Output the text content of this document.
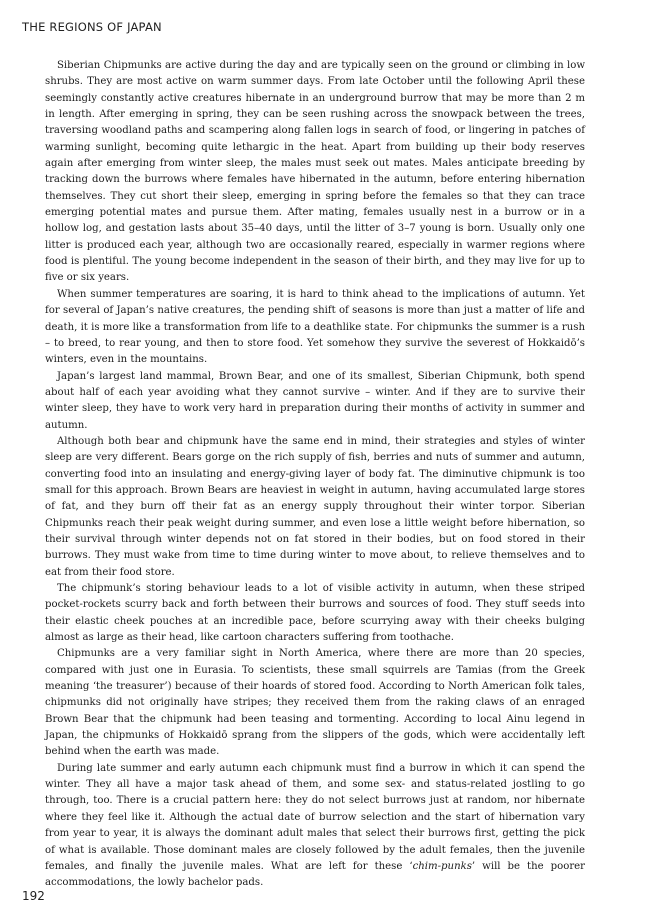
THE REGIONS OF JAPAN

Siberian Chipmunks are active during the day and are typically seen on the ground or climbing in low shrubs. They are most active on warm summer days. From late October until the following April these seemingly constantly active creatures hibernate in an underground burrow that may be more than 2 m in length. After emerging in spring, they can be seen rushing across the snowpack between the trees, traversing woodland paths and scampering along fallen logs in search of food, or lingering in patches of warming sunlight, becoming quite lethargic in the heat. Apart from building up their body reserves again after emerging from winter sleep, the males must seek out mates. Males anticipate breeding by tracking down the burrows where females have hibernated in the autumn, before entering hibernation themselves. They cut short their sleep, emerging in spring before the females so that they can trace emerging potential mates and pursue them. After mating, females usually nest in a burrow or in a hollow log, and gestation lasts about 35–40 days, until the litter of 3–7 young is born. Usually only one litter is produced each year, although two are occasionally reared, especially in warmer regions where food is plentiful. The young become independent in the season of their birth, and they may live for up to five or six years.

When summer temperatures are soaring, it is hard to think ahead to the implications of autumn. Yet for several of Japan’s native creatures, the pending shift of seasons is more than just a matter of life and death, it is more like a transformation from life to a deathlike state. For chipmunks the summer is a rush – to breed, to rear young, and then to store food. Yet somehow they survive the severest of Hokkaidō’s winters, even in the mountains.

Japan’s largest land mammal, Brown Bear, and one of its smallest, Siberian Chipmunk, both spend about half of each year avoiding what they cannot survive – winter. And if they are to survive their winter sleep, they have to work very hard in preparation during their months of activity in summer and autumn.

Although both bear and chipmunk have the same end in mind, their strategies and styles of winter sleep are very different. Bears gorge on the rich supply of fish, berries and nuts of summer and autumn, converting food into an insulating and energy-giving layer of body fat. The diminutive chipmunk is too small for this approach. Brown Bears are heaviest in weight in autumn, having accumulated large stores of fat, and they burn off their fat as an energy supply throughout their winter torpor. Siberian Chipmunks reach their peak weight during summer, and even lose a little weight before hibernation, so their survival through winter depends not on fat stored in their bodies, but on food stored in their burrows. They must wake from time to time during winter to move about, to relieve themselves and to eat from their food store.

The chipmunk’s storing behaviour leads to a lot of visible activity in autumn, when these striped pocket-rockets scurry back and forth between their burrows and sources of food. They stuff seeds into their elastic cheek pouches at an incredible pace, before scurrying away with their cheeks bulging almost as large as their head, like cartoon characters suffering from toothache.

Chipmunks are a very familiar sight in North America, where there are more than 20 species, compared with just one in Eurasia. To scientists, these small squirrels are Tamias (from the Greek meaning ‘the treasurer’) because of their hoards of stored food. According to North American folk tales, chipmunks did not originally have stripes; they received them from the raking claws of an enraged Brown Bear that the chipmunk had been teasing and tormenting. According to local Ainu legend in Japan, the chipmunks of Hokkaidō sprang from the slippers of the gods, which were accidentally left behind when the earth was made.

During late summer and early autumn each chipmunk must find a burrow in which it can spend the winter. They all have a major task ahead of them, and some sex- and status-related jostling to go through, too. There is a crucial pattern here: they do not select burrows just at random, nor hibernate where they feel like it. Although the actual date of burrow selection and the start of hibernation vary from year to year, it is always the dominant adult males that select their burrows first, getting the pick of what is available. Those dominant males are closely followed by the adult females, then the juvenile females, and finally the juvenile males. What are left for these ‘chim-punks’ will be the poorer accommodations, the lowly bachelor pads.

192
